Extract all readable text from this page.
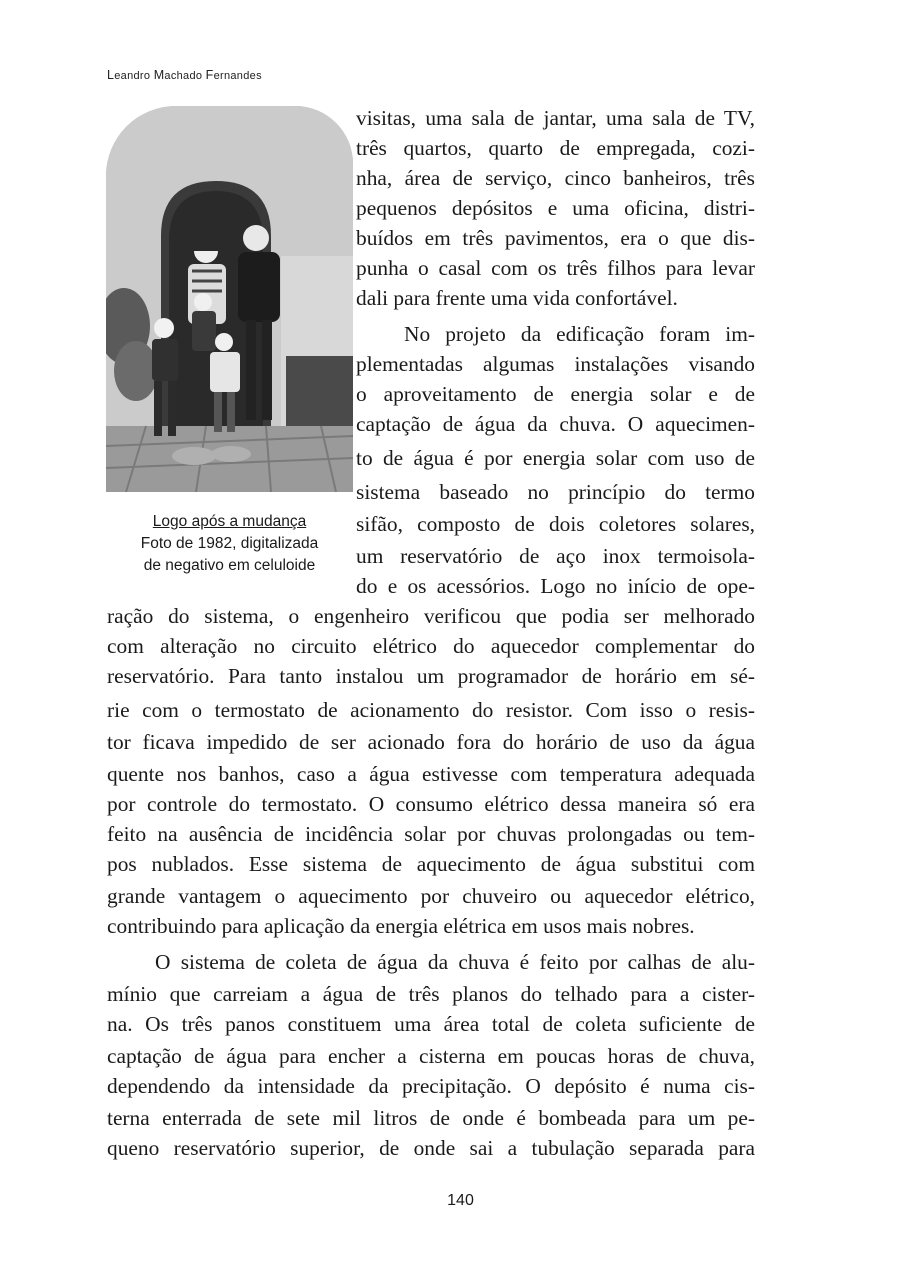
Leandro Machado Fernandes
Logo após a mudança
Foto de 1982, digitalizada
de negativo em celuloide
visitas, uma sala de jantar, uma sala de TV,
três quartos, quarto de empregada, cozi-
nha, área de serviço, cinco banheiros, três
pequenos depósitos e uma oficina, distri-
buídos em três pavimentos, era o que dis-
punha o casal com os três filhos para levar
dali para frente uma vida confortável.
No projeto da edificação foram im-
plementadas algumas instalações visando
o aproveitamento de energia solar e de
captação de água da chuva. O aquecimen-
to de água é por energia solar com uso de
sistema baseado no princípio do termo
sifão, composto de dois coletores solares,
um reservatório de aço inox termoisola-
do e os acessórios. Logo no início de ope-
ração do sistema, o engenheiro verificou que podia ser melhorado
com alteração no circuito elétrico do aquecedor complementar do
reservatório. Para tanto instalou um programador de horário em sé-
rie com o termostato de acionamento do resistor. Com isso o resis-
tor ficava impedido de ser acionado fora do horário de uso da água
quente nos banhos, caso a água estivesse com temperatura adequada
por controle do termostato. O consumo elétrico dessa maneira só era
feito na ausência de incidência solar por chuvas prolongadas ou tem-
pos nublados. Esse sistema de aquecimento de água substitui com
grande vantagem o aquecimento por chuveiro ou aquecedor elétrico,
contribuindo para aplicação da energia elétrica em usos mais nobres.
O sistema de coleta de água da chuva é feito por calhas de alu-
mínio que carreiam a água de três planos do telhado para a cister-
na. Os três panos constituem uma área total de coleta suficiente de
captação de água para encher a cisterna em poucas horas de chuva,
dependendo da intensidade da precipitação. O depósito é numa cis-
terna enterrada de sete mil litros de onde é bombeada para um pe-
queno reservatório superior, de onde sai a tubulação separada para
140
